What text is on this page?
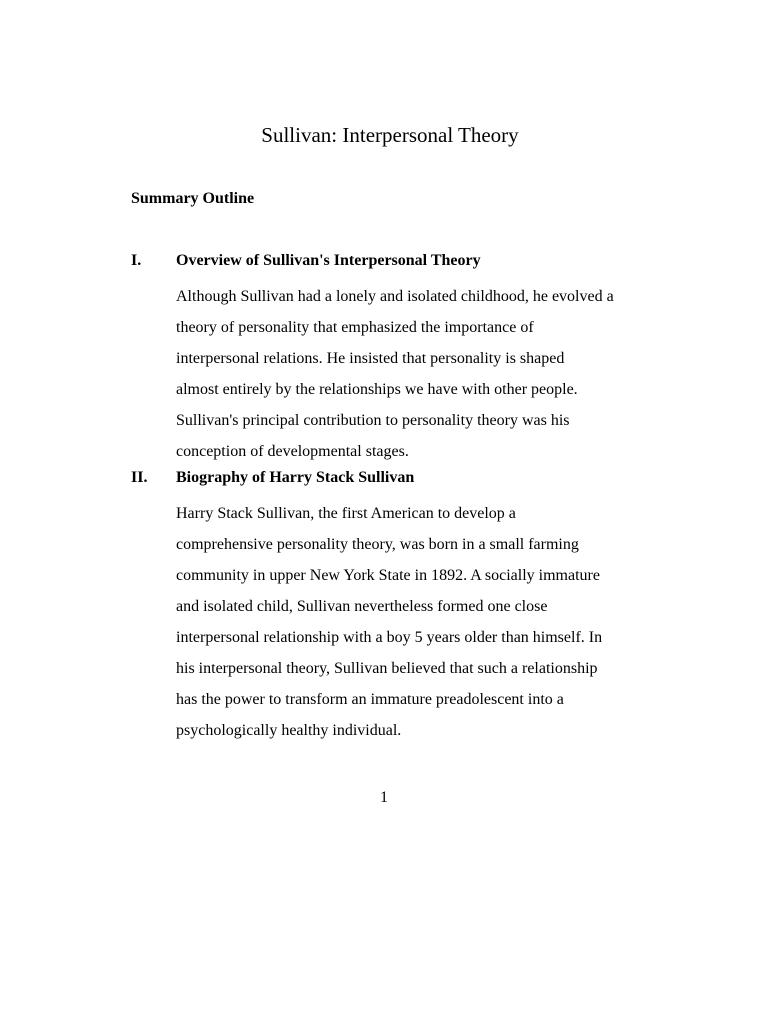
Sullivan: Interpersonal Theory
Summary Outline
I. Overview of Sullivan's Interpersonal Theory

Although Sullivan had a lonely and isolated childhood, he evolved a
theory of personality that emphasized the importance of
interpersonal relations. He insisted that personality is shaped
almost entirely by the relationships we have with other people.
Sullivan's principal contribution to personality theory was his
conception of developmental stages.

II. Biography of Harry Stack Sullivan

Harry Stack Sullivan, the first American to develop a
comprehensive personality theory, was born in a small farming
community in upper New York State in 1892. A socially immature
and isolated child, Sullivan nevertheless formed one close
interpersonal relationship with a boy 5 years older than himself. In
his interpersonal theory, Sullivan believed that such a relationship
has the power to transform an immature preadolescent into a
psychologically healthy individual.

1
